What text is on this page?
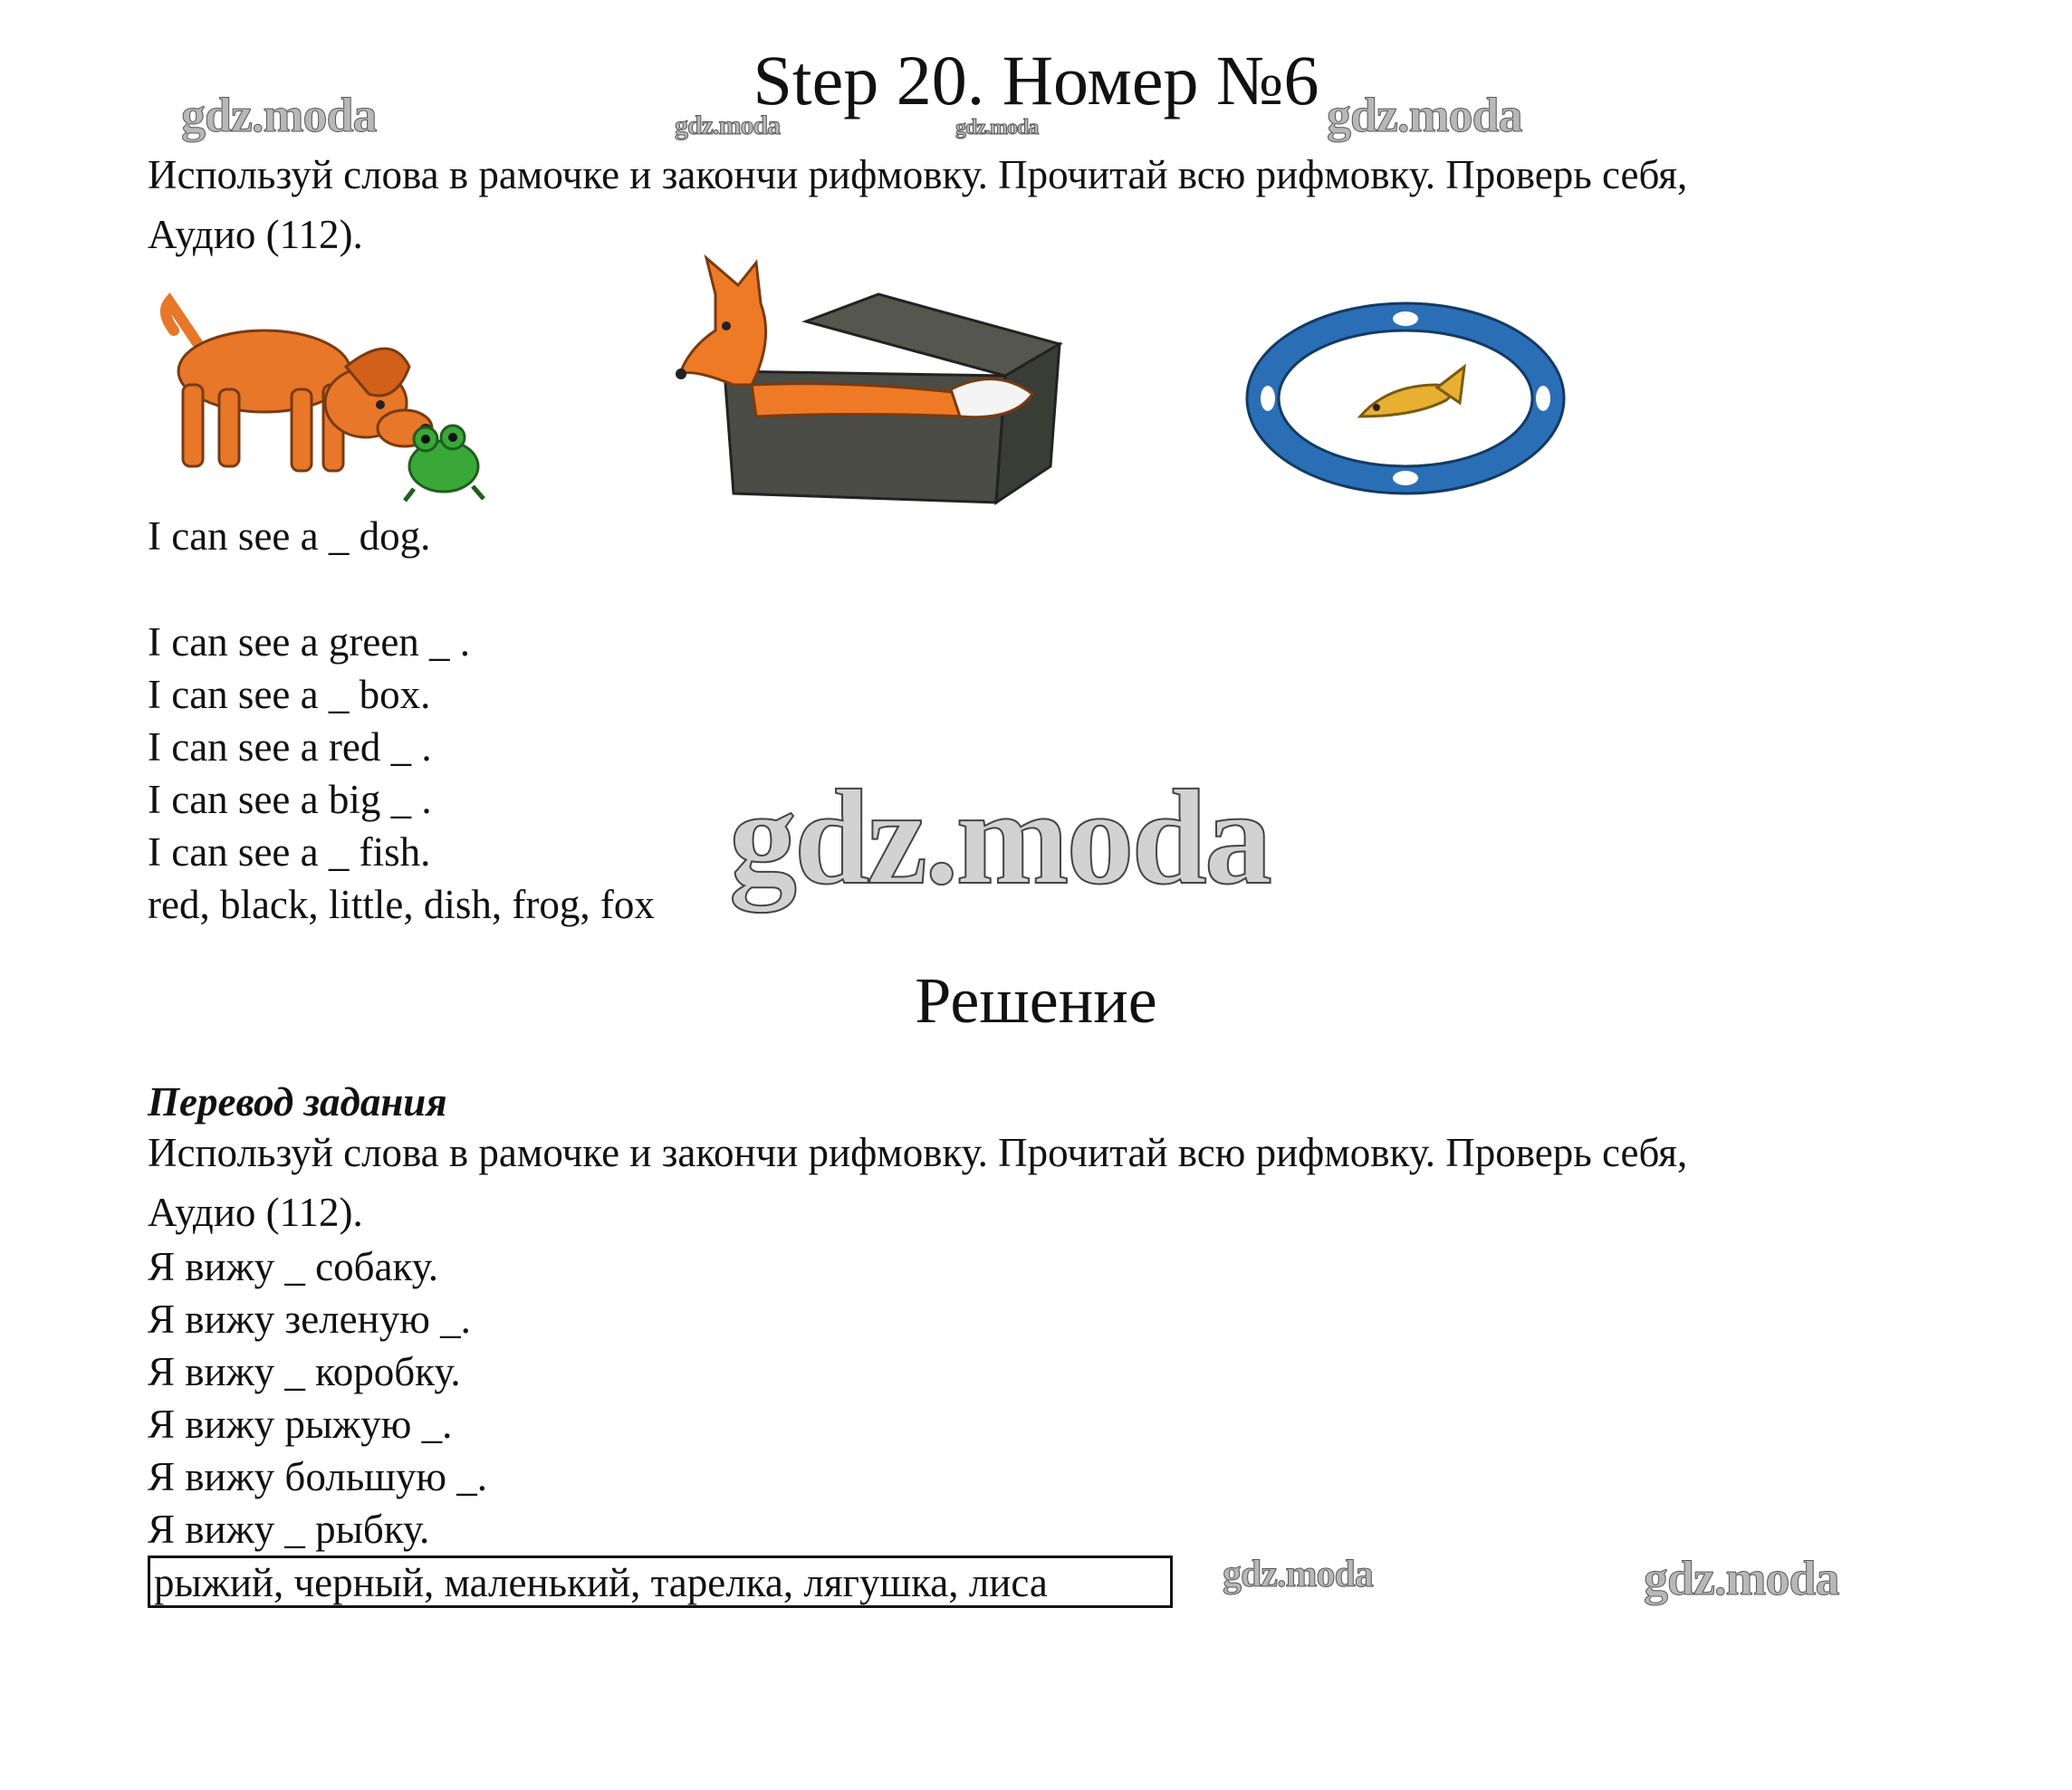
Step 20. Номер №6
gdz.moda	gdz.moda	gdz.moda	gdz.moda
Используй слова в рамочке и закончи рифмовку. Прочитай всю рифмовку. Проверь себя,
Аудио (112).
I can see a _ dog.
I can see a green _ .
I can see a _ box.
I can see a red _ .
I can see a big _ .
I can see a _ fish.
red, black, little, dish, frog, fox gdz.moda
Решение
Перевод задания
Используй слова в рамочке и закончи рифмовку. Прочитай всю рифмовку. Проверь себя,
Аудио (112).
Я вижу _ собаку.
Я вижу зеленую _.
Я вижу _ коробку.
Я вижу рыжую _.
Я вижу большую _.
Я вижу _ рыбку.
рыжий, черный, маленький, тарелка, лягушка, лиса	gdz.moda	gdz.moda
